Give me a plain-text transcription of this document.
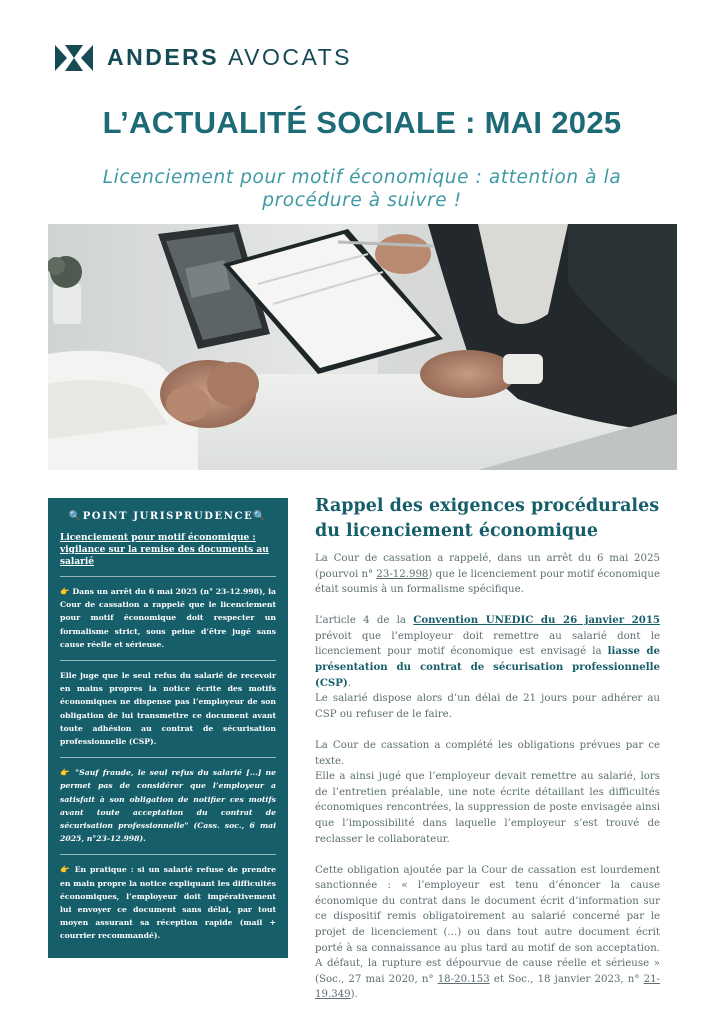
ANDERS AVOCATS
L’ACTUALITÉ SOCIALE : MAI 2025
Licenciement pour motif économique : attention à la procédure à suivre !
🔍POINT JURISPRUDENCE🔍
Licenciement pour motif économique : vigilance sur la remise des documents au salarié
👉 Dans un arrêt du 6 mai 2025 (n° 23-12.998), la Cour de cassation a rappelé que le licenciement pour motif économique doit respecter un formalisme strict, sous peine d’être jugé sans cause réelle et sérieuse.
Elle juge que le seul refus du salarié de recevoir en mains propres la notice écrite des motifs économiques ne dispense pas l’employeur de son obligation de lui transmettre ce document avant toute adhésion au contrat de sécurisation professionnelle (CSP).
👉 "Sauf fraude, le seul refus du salarié [...] ne permet pas de considérer que l’employeur a satisfait à son obligation de notifier ces motifs avant toute acceptation du contrat de sécurisation professionnelle" (Cass. soc., 6 mai 2025, n°23-12.998).
👉 En pratique : si un salarié refuse de prendre en main propre la notice expliquant les difficultés économiques, l’employeur doit impérativement lui envoyer ce document sans délai, par tout moyen assurant sa réception rapide (mail + courrier recommandé).
Rappel des exigences procédurales du licenciement économique

La Cour de cassation a rappelé, dans un arrêt du 6 mai 2025 (pourvoi n° 23-12.998) que le licenciement pour motif économique était soumis à un formalisme spécifique.

L’article 4 de la Convention UNEDIC du 26 janvier 2015 prévoit que l’employeur doit remettre au salarié dont le licenciement pour motif économique est envisagé la liasse de présentation du contrat de sécurisation professionnelle (CSP).

Le salarié dispose alors d’un délai de 21 jours pour adhérer au CSP ou refuser de le faire.

La Cour de cassation a complété les obligations prévues par ce texte.

Elle a ainsi jugé que l’employeur devait remettre au salarié, lors de l’entretien préalable, une note écrite détaillant les difficultés économiques rencontrées, la suppression de poste envisagée ainsi que l’impossibilité dans laquelle l’employeur s’est trouvé de reclasser le collaborateur.

Cette obligation ajoutée par la Cour de cassation est lourdement sanctionnée : « l’employeur est tenu d’énoncer la cause économique du contrat dans le document écrit d’information sur ce dispositif remis obligatoirement au salarié concerné par le projet de licenciement (...) ou dans tout autre document écrit porté à sa connaissance au plus tard au motif de son acceptation. A défaut, la rupture est dépourvue de cause réelle et sérieuse » (Soc., 27 mai 2020, n° 18-20.153 et Soc., 18 janvier 2023, n° 21-19.349).
